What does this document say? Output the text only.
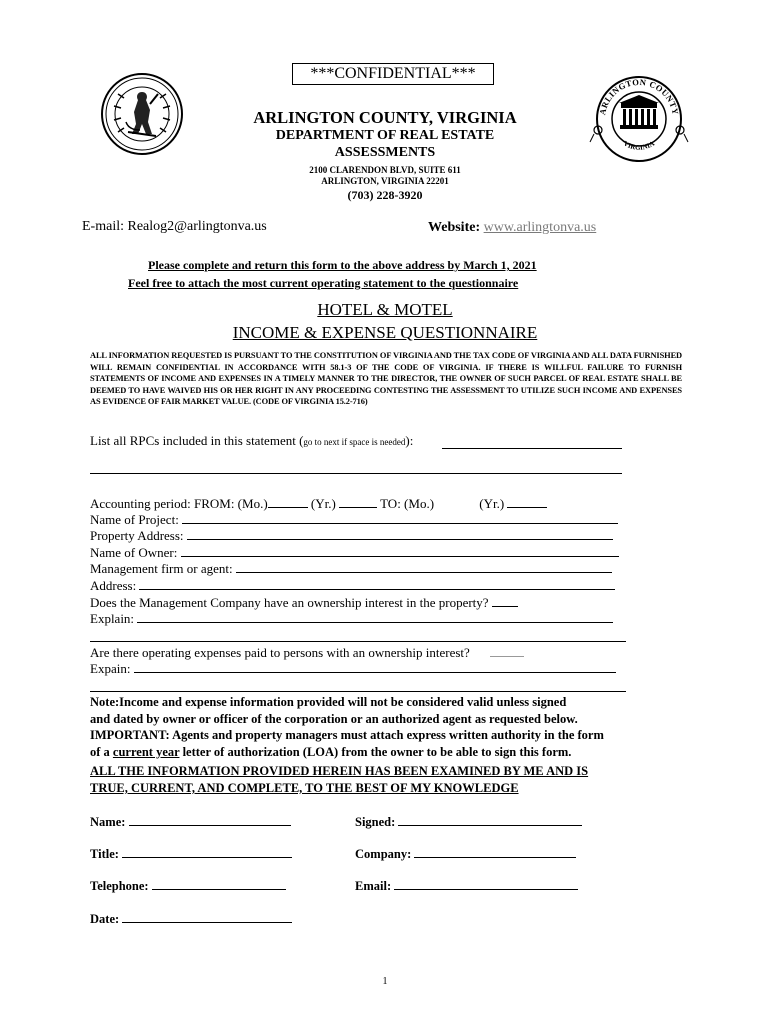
ARLINGTON COUNTY
VIRGINIA
***CONFIDENTIAL***
ARLINGTON COUNTY, VIRGINIA
DEPARTMENT OF REAL ESTATE
ASSESSMENTS
2100 CLARENDON BLVD, SUITE 611
ARLINGTON, VIRGINIA 22201
(703) 228-3920
E-mail: Realog2@arlingtonva.us	Website: www.arlingtonva.us
Please complete and return this form to the above address by March 1, 2021
Feel free to attach the most current operating statement to the questionnaire
HOTEL & MOTEL
INCOME & EXPENSE QUESTIONNAIRE
ALL INFORMATION REQUESTED IS PURSUANT TO THE CONSTITUTION OF VIRGINIA AND THE TAX CODE OF VIRGINIA AND ALL DATA FURNISHED WILL REMAIN CONFIDENTIAL IN ACCORDANCE WITH 58.1-3 OF THE CODE OF VIRGINIA. IF THERE IS WILLFUL FAILURE TO FURNISH STATEMENTS OF INCOME AND EXPENSES IN A TIMELY MANNER TO THE DIRECTOR, THE OWNER OF SUCH PARCEL OF REAL ESTATE SHALL BE DEEMED TO HAVE WAIVED HIS OR HER RIGHT IN ANY PROCEEDING CONTESTING THE ASSESSMENT TO UTILIZE SUCH INCOME AND EXPENSES AS EVIDENCE OF FAIR MARKET VALUE. (CODE OF VIRGINIA 15.2-716)
List all RPCs included in this statement (go to next if space is needed):
Accounting period: FROM: (Mo.)	(Yr.)	TO: (Mo.)	(Yr.)
Name of Project:
Property Address:
Name of Owner:
Management firm or agent:
Address:
Does the Management Company have an ownership interest in the property?
Explain:
Are there operating expenses paid to persons with an ownership interest?
Expain:
Note:Income and expense information provided will not be considered valid unless signed
and dated by owner or officer of the corporation or an authorized agent as requested below.
IMPORTANT: Agents and property managers must attach express written authority in the form
of a current year letter of authorization (LOA) from the owner to be able to sign this form.
ALL THE INFORMATION PROVIDED HEREIN HAS BEEN EXAMINED BY ME AND IS
TRUE, CURRENT, AND COMPLETE, TO THE BEST OF MY KNOWLEDGE
Name:	Signed:
Title:	Company:
Telephone:	Email:
Date:
1
